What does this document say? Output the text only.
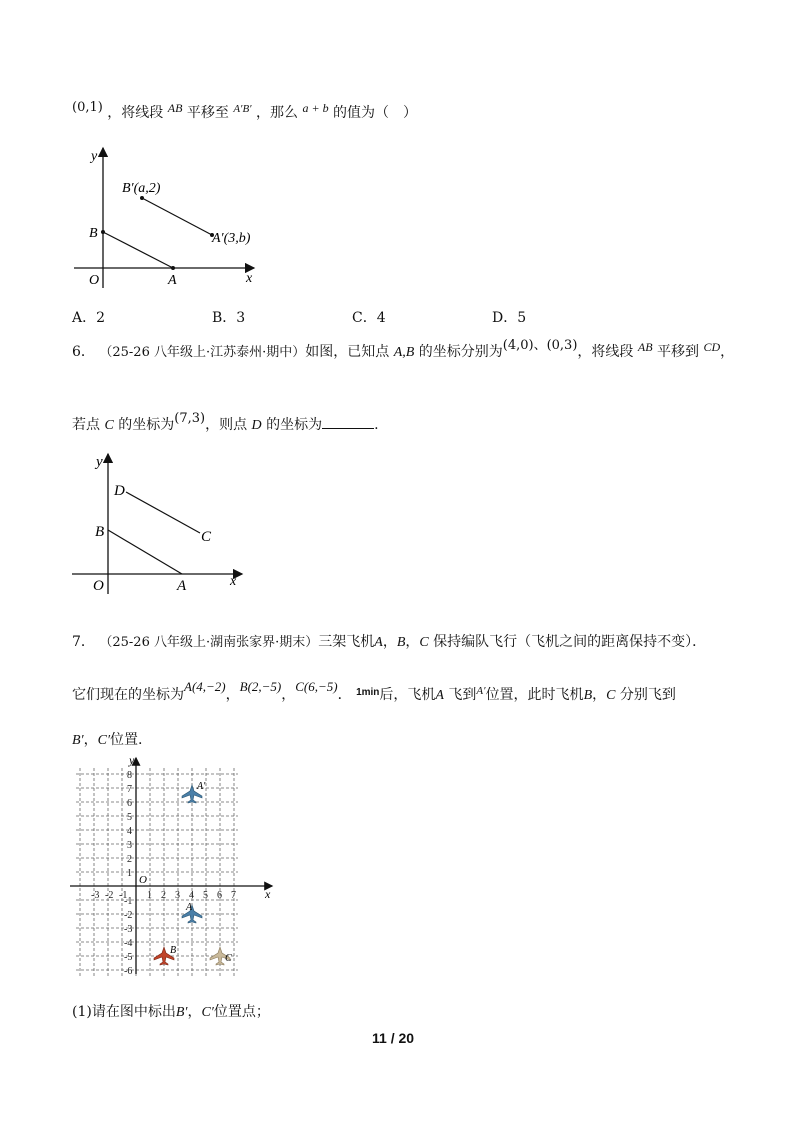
(0,1) ，将线段 AB 平移至 $^{A'B'}$ ，那么 a + b 的值为（　）
y
x
O	A
B
B′(a,2)
A′(3,b)
A．2	B．3	C．4	D．5
6． （25-26 八年级上·江苏泰州·期中）如图，已知点 A,B 的坐标分别为(4,0)、(0,3)，将线段 AB 平移到 CD，
若点 C 的坐标为(7,3)，则点 D 的坐标为	.
y
x
O	A
B	C
D
7． （25-26 八年级上·湖南张家界·期末）三架飞机A，B，C 保持编队飞行（飞机之间的距离保持不变）．
它们现在的坐标为A(4,−2)，B(2,−5)，C(6,−5)． $^{1min}$后，飞机A 飞到$^{A'}$位置，此时飞机B，C 分别飞到
B′，C′位置.
-3 -2 -1 1 2 3 4 5 6 7
8
7
6
5
4
3
2
1
-1
-2
-3
-4
-5
-6
y
x
O
A′
A
B
C
(1)请在图中标出B′，C′位置点；
11 / 20
